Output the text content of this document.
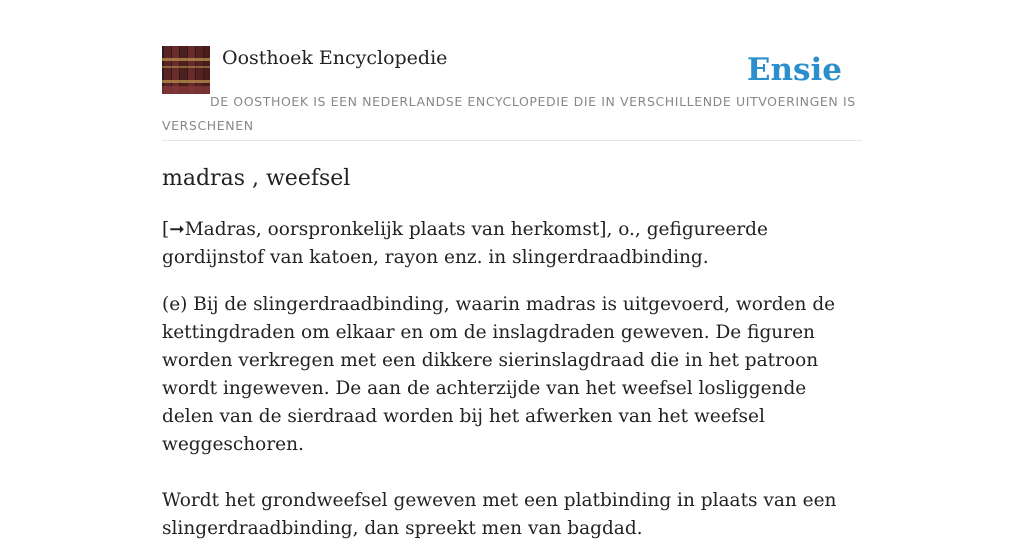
Oosthoek Encyclopedie	Ensie
DE OOSTHOEK IS EEN NEDERLANDSE ENCYCLOPEDIE DIE IN VERSCHILLENDE UITVOERINGEN IS VERSCHENEN
madras , weefsel

[➞Madras, oorspronkelijk plaats van herkomst], o., gefigureerde gordijnstof van katoen, rayon enz. in slingerdraadbinding.

(e) Bij de slingerdraadbinding, waarin madras is uitgevoerd, worden de kettingdraden om elkaar en om de inslagdraden geweven. De figuren worden verkregen met een dikkere sierinslagdraad die in het patroon wordt ingeweven. De aan de achterzijde van het weefsel losliggende delen van de sierdraad worden bij het afwerken van het weefsel weggeschoren.

Wordt het grondweefsel geweven met een platbinding in plaats van een slingerdraadbinding, dan spreekt men van bagdad.
